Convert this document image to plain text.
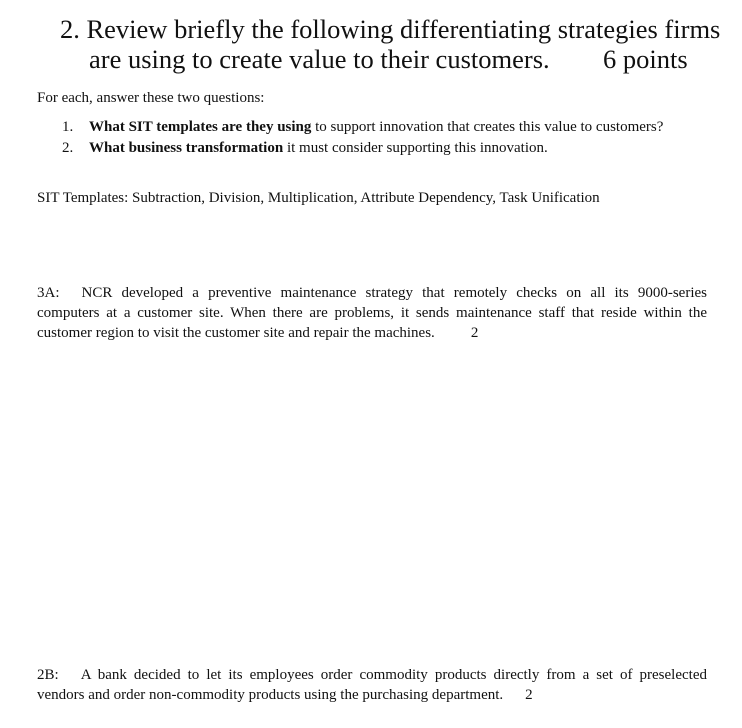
2. Review briefly the following differentiating strategies firms
are using to create value to their customers.	6 points
For each, answer these two questions:
1. What SIT templates are they using to support innovation that creates this value to customers?
2. What business transformation it must consider supporting this innovation.
SIT Templates: Subtraction, Division, Multiplication, Attribute Dependency, Task Unification
3A: NCR developed a preventive maintenance strategy that remotely checks on all its 9000-series computers at a customer site. When there are problems, it sends maintenance staff that reside within the customer region to visit the customer site and repair the machines. 2
2B: A bank decided to let its employees order commodity products directly from a set of preselected vendors and order non-commodity products using the purchasing department. 2
